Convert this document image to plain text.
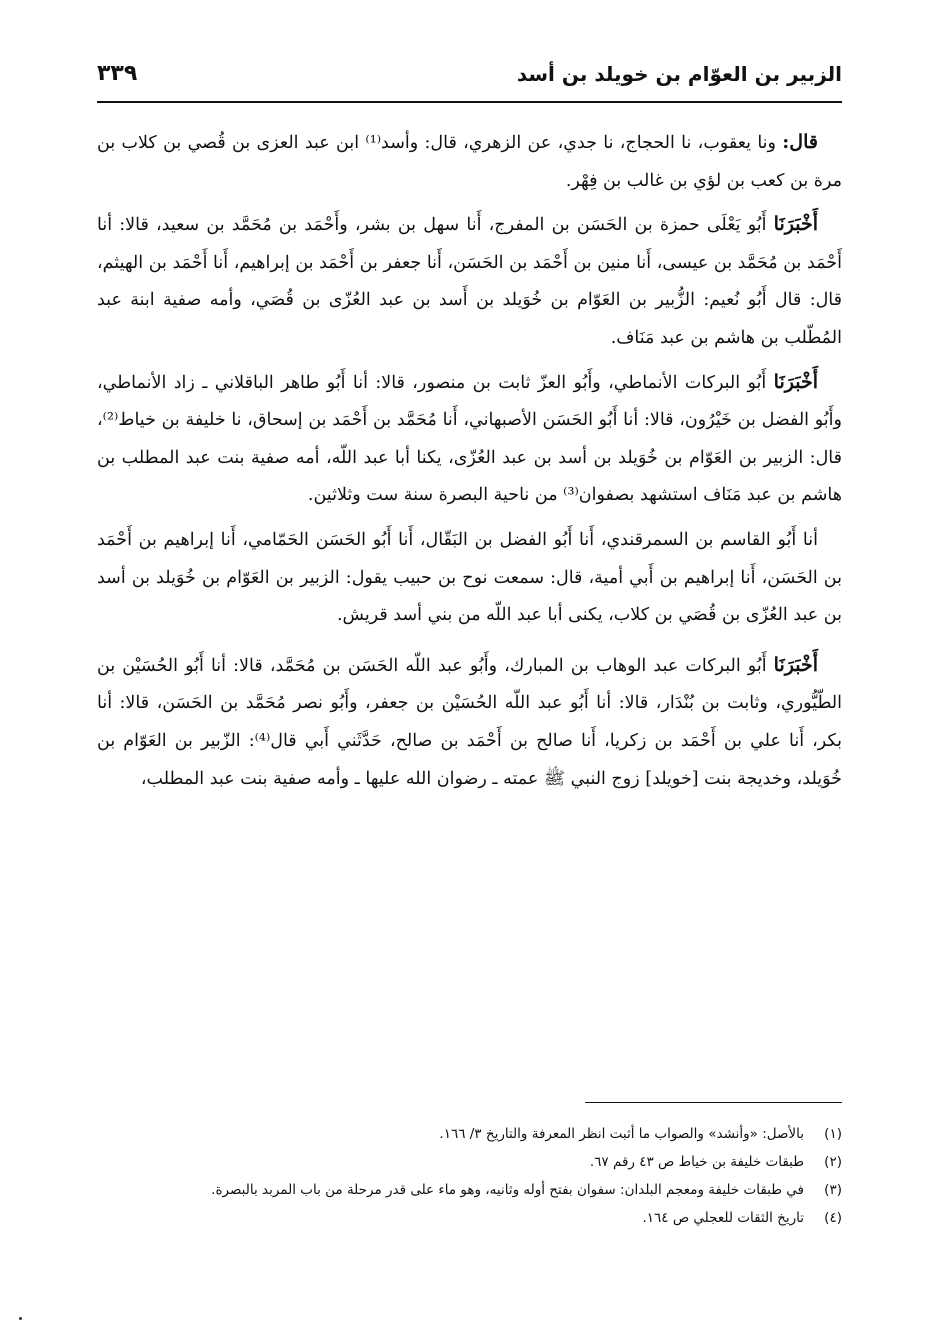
الزبير بن العوّام بن خويلد بن أسد
٣٣٩

قال: ونا يعقوب، نا الحجاج، نا جدي، عن الزهري، قال: وأسد⁽¹⁾ ابن عبد العزى بن قُصي بن كلاب بن مرة بن كعب بن لؤي بن غالب بن فِهْر.

أَخْبَرَنَا أَبُو يَعْلَى حمزة بن الحَسَن بن المفرج، أَنا سهل بن بشر، وأَحْمَد بن مُحَمَّد بن سعيد، قالا: أنا أَحْمَد بن مُحَمَّد بن عيسى، أَنا منين بن أَحْمَد بن الحَسَن، أَنا جعفر بن أَحْمَد بن إبراهيم، أَنا أَحْمَد بن الهيثم، قال: قال أَبُو نُعيم: الزُّبير بن العَوّام بن خُوَيلد بن أَسد بن عبد العُزّى بن قُصَي، وأمه صفية ابنة عبد المُطّلب بن هاشم بن عبد مَنَاف.

أَخْبَرَنَا أَبُو البركات الأنماطي، وأَبُو العزّ ثابت بن منصور، قالا: أنا أَبُو طاهر الباقلاني ـ زاد الأنماطي، وأَبُو الفضل بن خَيْرُون، قالا: أنا أَبُو الحَسَن الأصبهاني، أَنا مُحَمَّد بن أَحْمَد بن إسحاق، نا خليفة بن خياط⁽²⁾، قال: الزبير بن العَوّام بن خُوَيلد بن أسد بن عبد العُزّى، يكنا أبا عبد اللّه، أمه صفية بنت عبد المطلب بن هاشم بن عبد مَنَاف استشهد بصفوان⁽³⁾ من ناحية البصرة سنة ست وثلاثين.

أنا أَبُو القاسم بن السمرقندي، أَنا أَبُو الفضل بن البَقّال، أَنا أَبُو الحَسَن الحَمّامي، أَنا إبراهيم بن أَحْمَد بن الحَسَن، أَنا إبراهيم بن أَبي أمية، قال: سمعت نوح بن حبيب يقول: الزبير بن العَوّام بن خُوَيلد بن أسد بن عبد العُزّى بن قُصَي بن كلاب، يكنى أبا عبد اللّه من بني أسد قريش.

أَخْبَرَنَا أَبُو البركات عبد الوهاب بن المبارك، وأَبُو عبد اللّه الحَسَن بن مُحَمَّد، قالا: أنا أَبُو الحُسَيْن بن الطّيُّوري، وثابت بن بُنْدَار، قالا: أنا أَبُو عبد اللّه الحُسَيْن بن جعفر، وأَبُو نصر مُحَمَّد بن الحَسَن، قالا: أنا بكر، أَنا علي بن أَحْمَد بن زكريا، أَنا صالح بن أَحْمَد بن صالح، حَدَّثَني أَبي قال⁽⁴⁾: الزّبير بن العَوّام بن خُوَيلد، وخديجة بنت [خويلد] زوج النبي ﷺ عمته ـ رضوان الله عليها ـ وأمه صفية بنت عبد المطلب،

(١)
بالأصل: «وأنشد» والصواب ما أثبت انظر المعرفة والتاريخ ٣/ ١٦٦.
(٢)
طبقات خليفة بن خياط ص ٤٣ رقم ٦٧.
(٣)
في طبقات خليفة ومعجم البلدان: سفوان بفتح أوله وثانيه، وهو ماء على قدر مرحلة من باب المربد بالبصرة.
(٤)
تاريخ الثقات للعجلي ص ١٦٤.
